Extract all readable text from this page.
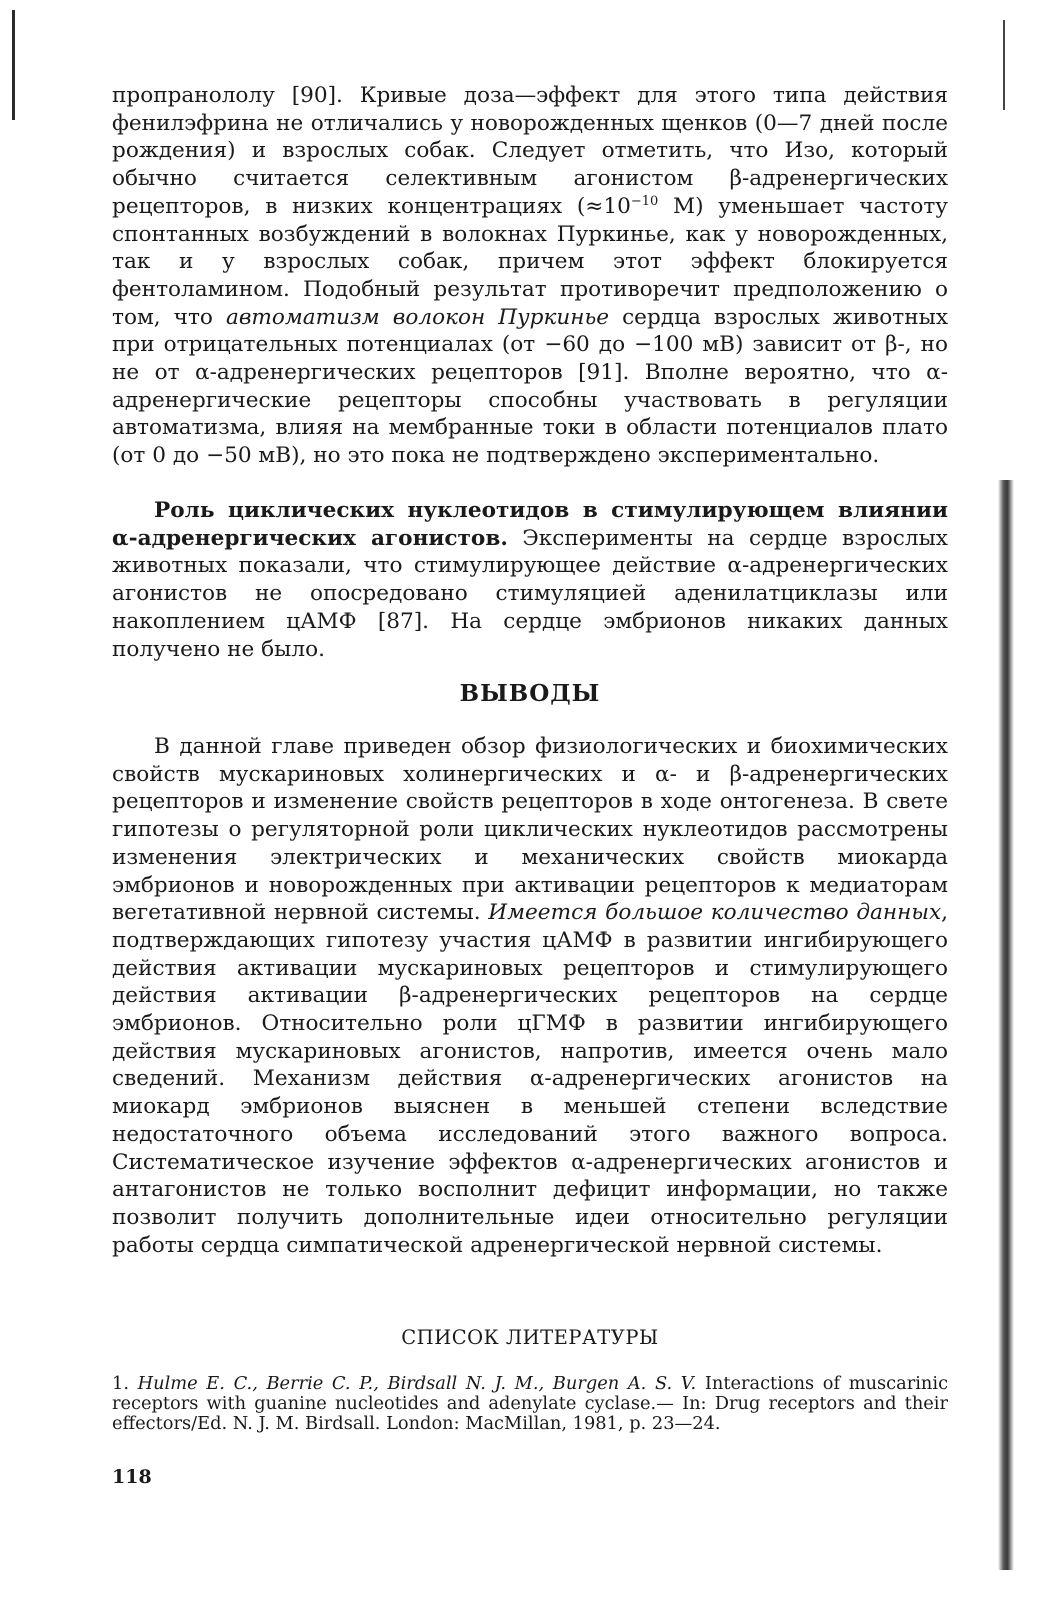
пропранололу [90]. Кривые доза—эффект для этого типа действия фенилэфрина не отличались у новорожденных щенков (0—7 дней после рождения) и взрослых собак. Следует отметить, что Изо, который обычно считается селективным агонистом β-адренергических рецепторов, в низких концентрациях ($\approx 10^{-10}$ М) уменьшает частоту спонтанных возбуждений в волокнах Пуркинье, как у новорожденных, так и у взрослых собак, причем этот эффект блокируется фентоламином. Подобный результат противоречит предположению о том, что автоматизм волокон Пуркинье сердца взрослых животных при отрицательных потенциалах (от −60 до −100 мВ) зависит от β-, но не от α-адренергических рецепторов [91]. Вполне вероятно, что α-адренергические рецепторы способны участвовать в регуляции автоматизма, влияя на мембранные токи в области потенциалов плато (от 0 до −50 мВ), но это пока не подтверждено экспериментально.

Роль циклических нуклеотидов в стимулирующем влиянии α-адренергических агонистов. Эксперименты на сердце взрослых животных показали, что стимулирующее действие α-адренергических агонистов не опосредовано стимуляцией аденилатциклазы или накоплением цАМФ [87]. На сердце эмбрионов никаких данных получено не было.

ВЫВОДЫ

В данной главе приведен обзор физиологических и биохимических свойств мускариновых холинергических и α- и β-адренергических рецепторов и изменение свойств рецепторов в ходе онтогенеза. В свете гипотезы о регуляторной роли циклических нуклеотидов рассмотрены изменения электрических и механических свойств миокарда эмбрионов и новорожденных при активации рецепторов к медиаторам вегетативной нервной системы. Имеется большое количество данных, подтверждающих гипотезу участия цАМФ в развитии ингибирующего действия активации мускариновых рецепторов и стимулирующего действия активации β-адренергических рецепторов на сердце эмбрионов. Относительно роли цГМФ в развитии ингибирующего действия мускариновых агонистов, напротив, имеется очень мало сведений. Механизм действия α-адренергических агонистов на миокард эмбрионов выяснен в меньшей степени вследствие недостаточного объема исследований этого важного вопроса. Систематическое изучение эффектов α-адренергических агонистов и антагонистов не только восполнит дефицит информации, но также позволит получить дополнительные идеи относительно регуляции работы сердца симпатической адренергической нервной системы.

СПИСОК ЛИТЕРАТУРЫ
1. Hulme E. C., Berrie C. P., Birdsall N. J. M., Burgen A. S. V. Interactions of muscarinic receptors with guanine nucleotides and adenylate cyclase.— In: Drug receptors and their effectors/Ed. N. J. M. Birdsall. London: MacMillan, 1981, p. 23—24.
118
